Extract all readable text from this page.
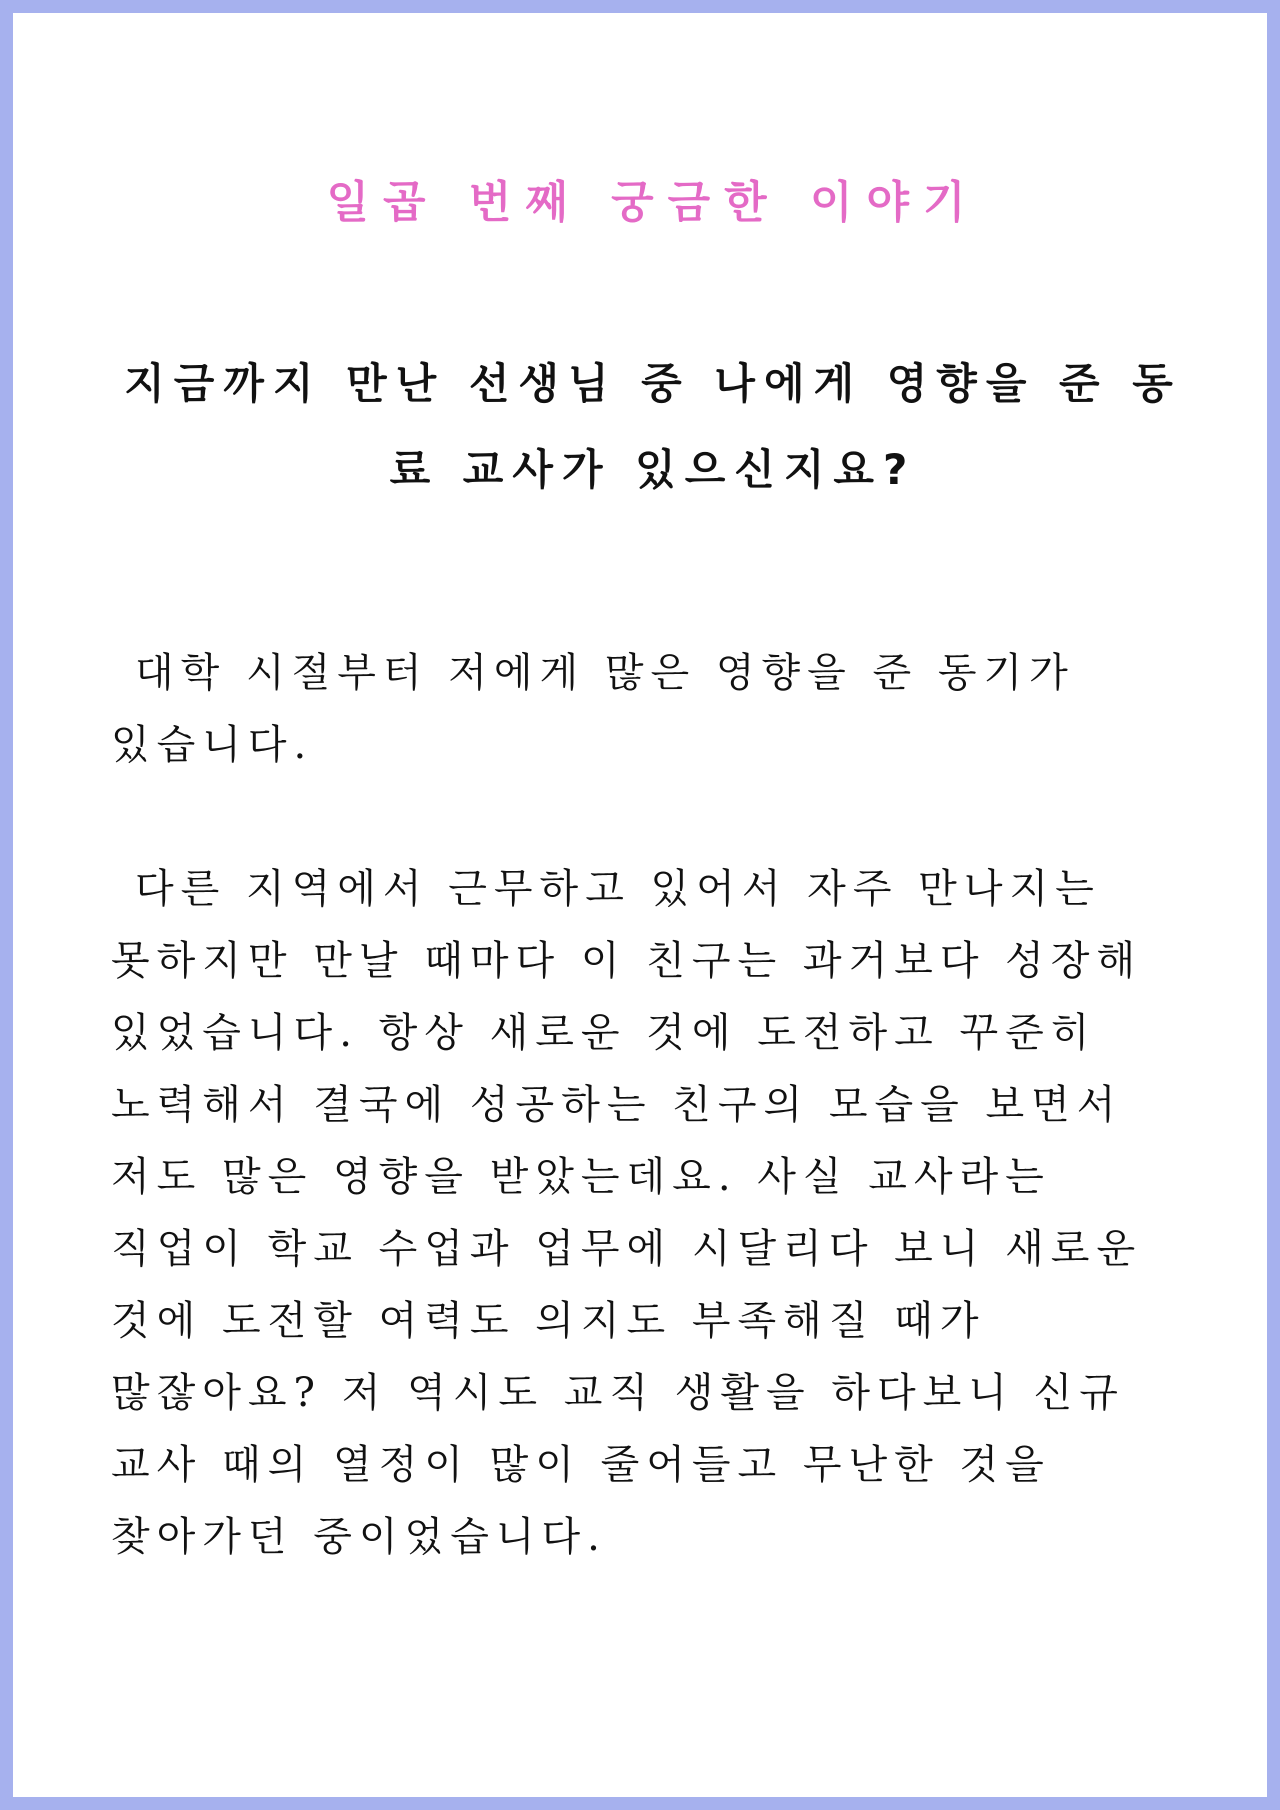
일곱 번째 궁금한 이야기
지금까지 만난 선생님 중 나에게 영향을 준 동료 교사가 있으신지요?

대학 시절부터 저에게 많은 영향을 준 동기가 있습니다.

다른 지역에서 근무하고 있어서 자주 만나지는 못하지만 만날 때마다 이 친구는 과거보다 성장해 있었습니다. 항상 새로운 것에 도전하고 꾸준히 노력해서 결국에 성공하는 친구의 모습을 보면서 저도 많은 영향을 받았는데요. 사실 교사라는 직업이 학교 수업과 업무에 시달리다 보니 새로운 것에 도전할 여력도 의지도 부족해질 때가 많잖아요? 저 역시도 교직 생활을 하다보니 신규 교사 때의 열정이 많이 줄어들고 무난한 것을 찾아가던 중이었습니다.
